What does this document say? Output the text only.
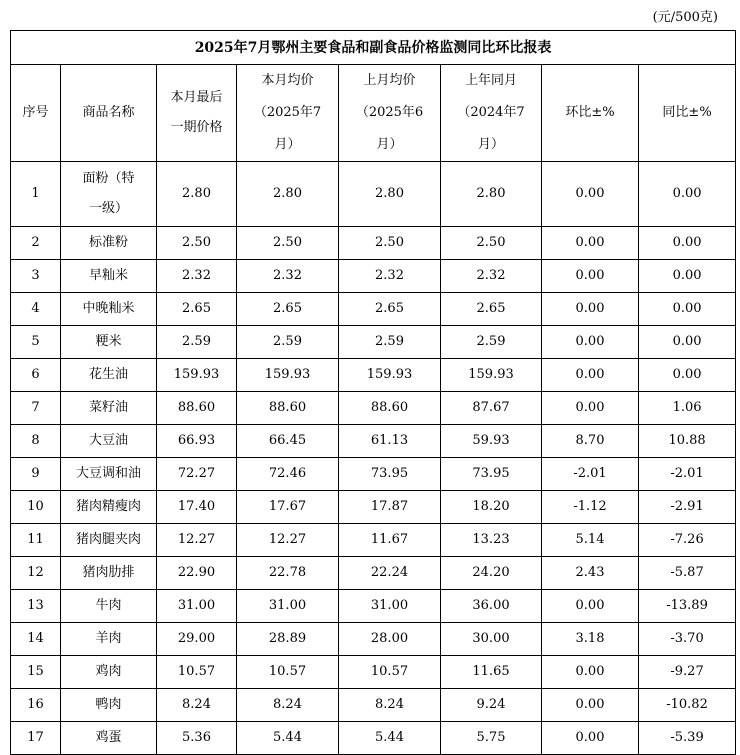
(元/500克)
2025年7月鄂州主要食品和副食品价格监测同比环比报表							
序号	商品名称	本月最后一期价格	本月均价（2025年7月）	上月均价（2025年6月）	上年同月（2024年7月）	环比±%	同比±%
1	面粉（特一级）	2.80	2.80	2.80	2.80	0.00	0.00
2	标准粉	2.50	2.50	2.50	2.50	0.00	0.00
3	早籼米	2.32	2.32	2.32	2.32	0.00	0.00
4	中晚籼米	2.65	2.65	2.65	2.65	0.00	0.00
5	粳米	2.59	2.59	2.59	2.59	0.00	0.00
6	花生油	159.93	159.93	159.93	159.93	0.00	0.00
7	菜籽油	88.60	88.60	88.60	87.67	0.00	1.06
8	大豆油	66.93	66.45	61.13	59.93	8.70	10.88
9	大豆调和油	72.27	72.46	73.95	73.95	-2.01	-2.01
10	猪肉精瘦肉	17.40	17.67	17.87	18.20	-1.12	-2.91
11	猪肉腿夹肉	12.27	12.27	11.67	13.23	5.14	-7.26
12	猪肉肋排	22.90	22.78	22.24	24.20	2.43	-5.87
13	牛肉	31.00	31.00	31.00	36.00	0.00	-13.89
14	羊肉	29.00	28.89	28.00	30.00	3.18	-3.70
15	鸡肉	10.57	10.57	10.57	11.65	0.00	-9.27
16	鸭肉	8.24	8.24	8.24	9.24	0.00	-10.82
17	鸡蛋	5.36	5.44	5.44	5.75	0.00	-5.39
